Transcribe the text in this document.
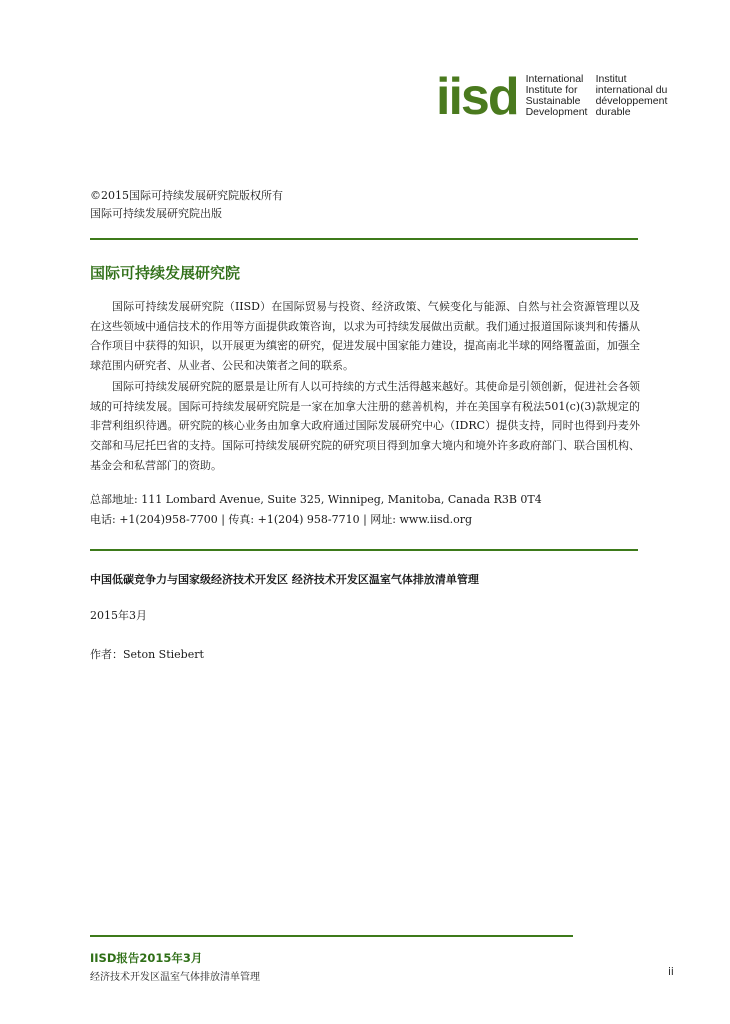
iisd International
Institute for
Sustainable
Development
Institut
international du
développement
durable
©2015国际可持续发展研究院版权所有
国际可持续发展研究院出版
国际可持续发展研究院
国际可持续发展研究院（IISD）在国际贸易与投资、经济政策、气候变化与能源、自然与社会资源管理以及在这些领域中通信技术的作用等方面提供政策咨询，以求为可持续发展做出贡献。我们通过报道国际谈判和传播从合作项目中获得的知识，以开展更为缜密的研究，促进发展中国家能力建设，提高南北半球的网络覆盖面，加强全球范围内研究者、从业者、公民和决策者之间的联系。
国际可持续发展研究院的愿景是让所有人以可持续的方式生活得越来越好。其使命是引领创新，促进社会各领域的可持续发展。国际可持续发展研究院是一家在加拿大注册的慈善机构，并在美国享有税法501(c)(3)款规定的非营利组织待遇。研究院的核心业务由加拿大政府通过国际发展研究中心（IDRC）提供支持，同时也得到丹麦外交部和马尼托巴省的支持。国际可持续发展研究院的研究项目得到加拿大境内和境外许多政府部门、联合国机构、基金会和私营部门的资助。
总部地址: 111 Lombard Avenue, Suite 325, Winnipeg, Manitoba, Canada R3B 0T4
电话: +1(204)958-7700 | 传真: +1(204) 958-7710 | 网址: www.iisd.org
中国低碳竞争力与国家级经济技术开发区 经济技术开发区温室气体排放清单管理
2015年3月
作者：Seton Stiebert
IISD报告2015年3月
经济技术开发区温室气体排放清单管理	ii
